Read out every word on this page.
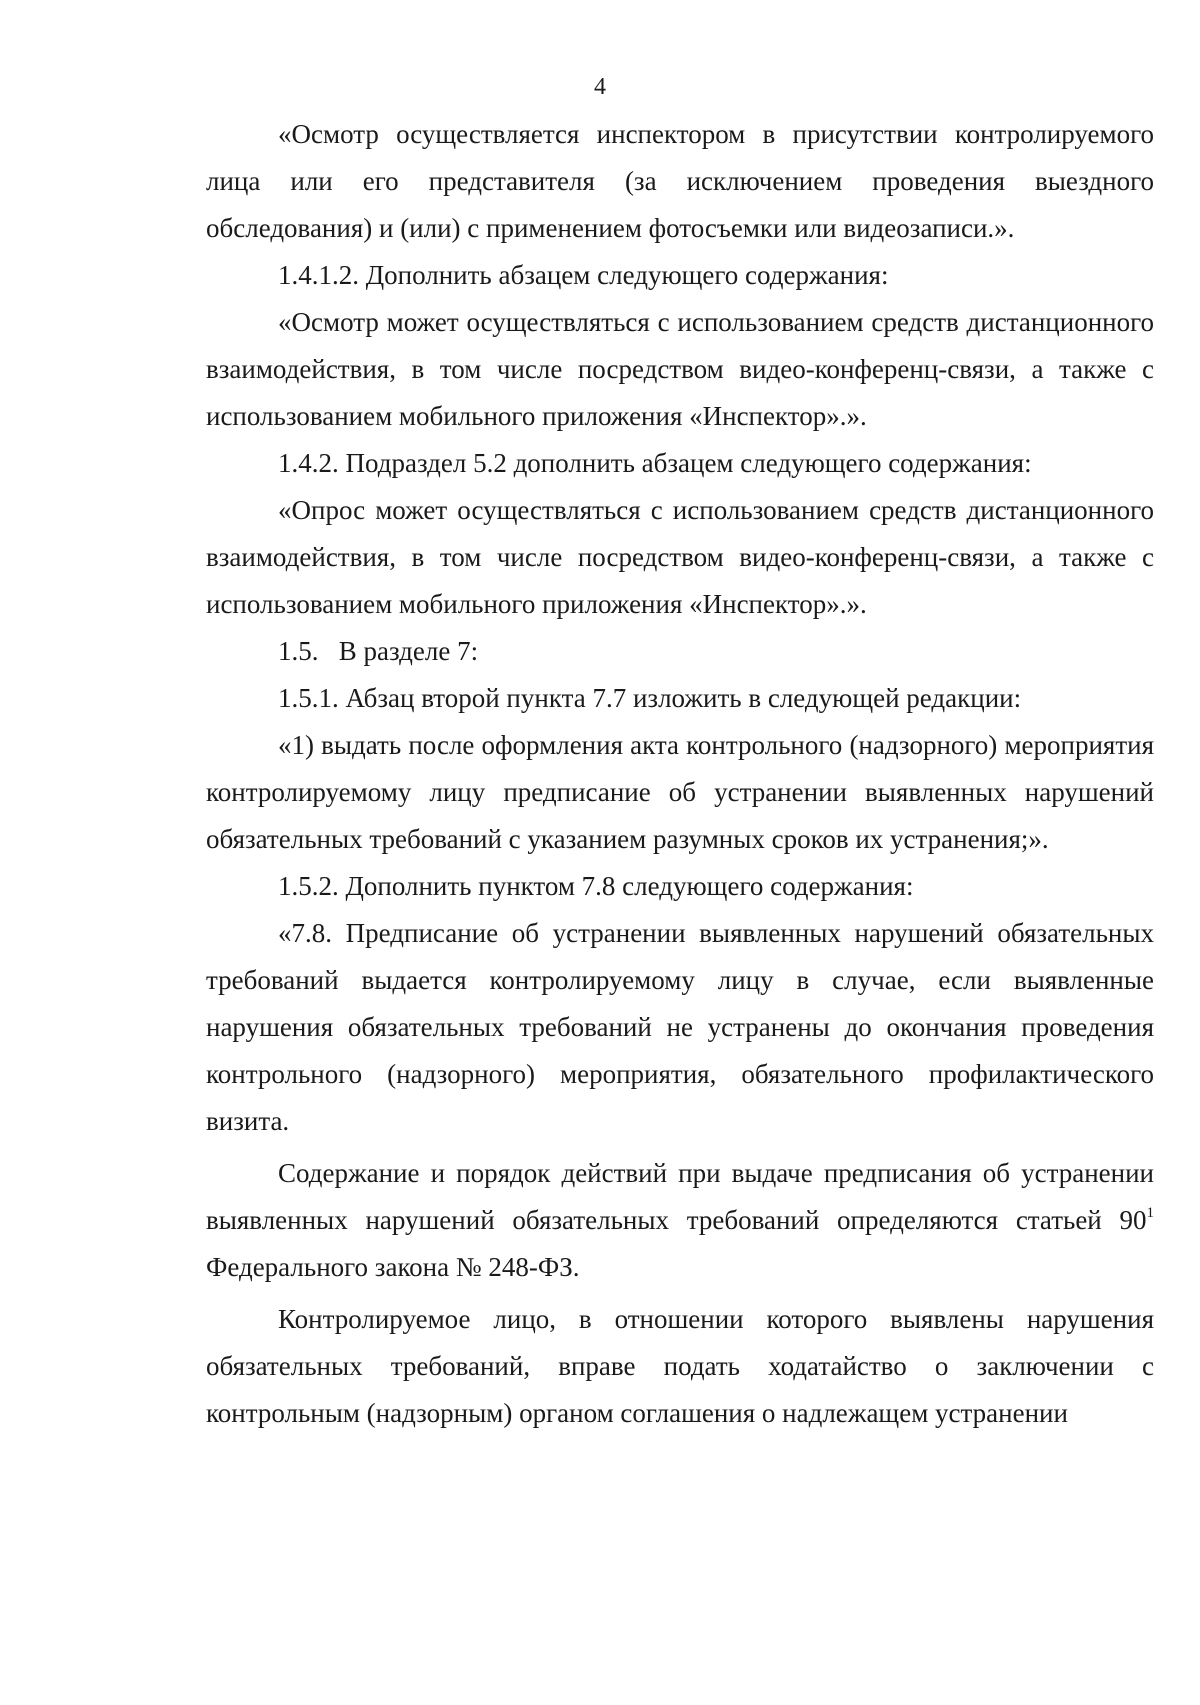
4

«Осмотр осуществляется инспектором в присутствии контролируемого лица или его представителя (за исключением проведения выездного обследования) и (или) с применением фотосъемки или видеозаписи.».

1.4.1.2. Дополнить абзацем следующего содержания:

«Осмотр может осуществляться с использованием средств дистанционного взаимодействия, в том числе посредством видео-конференц-связи, а также с использованием мобильного приложения «Инспектор».».

1.4.2. Подраздел 5.2 дополнить абзацем следующего содержания:

«Опрос может осуществляться с использованием средств дистанционного взаимодействия, в том числе посредством видео-конференц-связи, а также с использованием мобильного приложения «Инспектор».».

1.5.   В разделе 7:

1.5.1. Абзац второй пункта 7.7 изложить в следующей редакции:

«1) выдать после оформления акта контрольного (надзорного) мероприятия контролируемому лицу предписание об устранении выявленных нарушений обязательных требований с указанием разумных сроков их устранения;».

1.5.2. Дополнить пунктом 7.8 следующего содержания:

«7.8. Предписание об устранении выявленных нарушений обязательных требований выдается контролируемому лицу в случае, если выявленные нарушения обязательных требований не устранены до окончания проведения контрольного (надзорного) мероприятия, обязательного профилактического визита.

Содержание и порядок действий при выдаче предписания об устранении выявленных нарушений обязательных требований определяются статьей $90^1$ Федерального закона № 248-ФЗ.

Контролируемое лицо, в отношении которого выявлены нарушения обязательных требований, вправе подать ходатайство о заключении с контрольным (надзорным) органом соглашения о надлежащем устранении
